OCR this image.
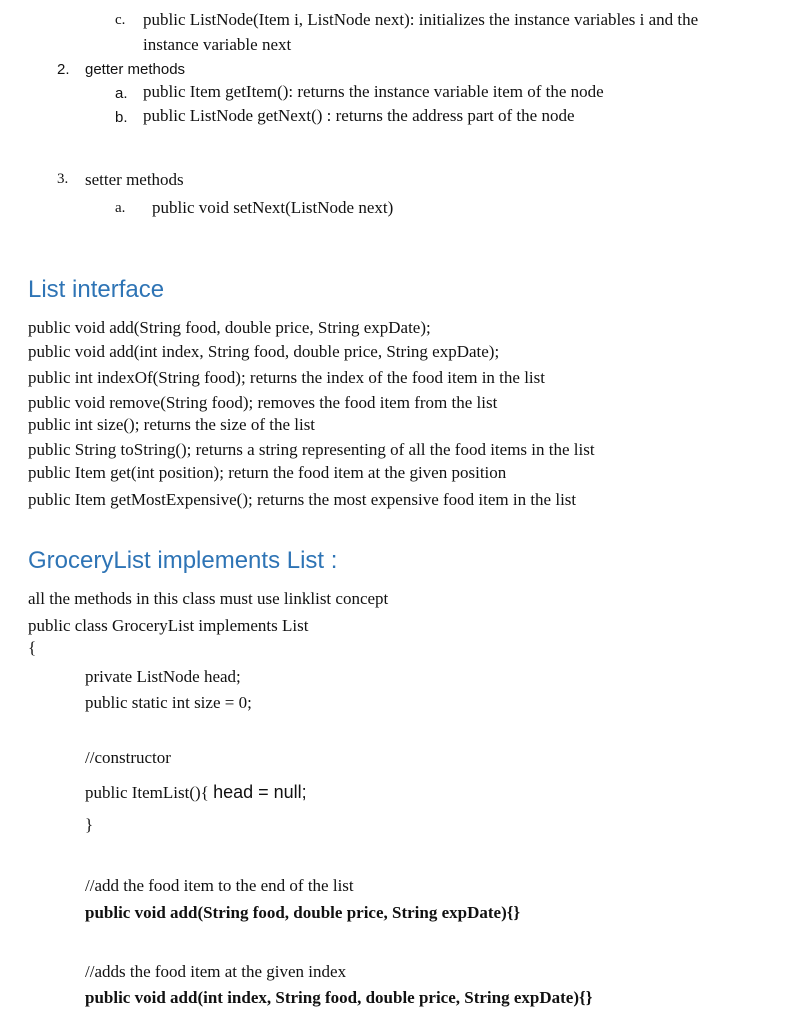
c. public ListNode(Item i, ListNode next): initializes the instance variables i and the
instance variable next
2. getter methods
a. public Item getItem(): returns the instance variable item of the node
b. public ListNode getNext() : returns the address part of the node
3. setter methods
a. public void setNext(ListNode next)
List interface
public void add(String food, double price, String expDate);
public void add(int index, String food, double price, String expDate);
public int indexOf(String food); returns the index of the food item in the list
public void remove(String food); removes the food item from the list
public int size(); returns the size of the list
public String toString(); returns a string representing of all the food items in the list
public Item get(int position); return the food item at the given position
public Item getMostExpensive(); returns the most expensive food item in the list
GroceryList implements List :
all the methods in this class must use linklist concept
public class GroceryList implements List
{
private ListNode head;
public static int size = 0;
//constructor
public ItemList(){ head = null;
}
//add the food item to the end of the list
public void add(String food, double price, String expDate){}
//adds the food item at the given index
public void add(int index, String food, double price, String expDate){}
